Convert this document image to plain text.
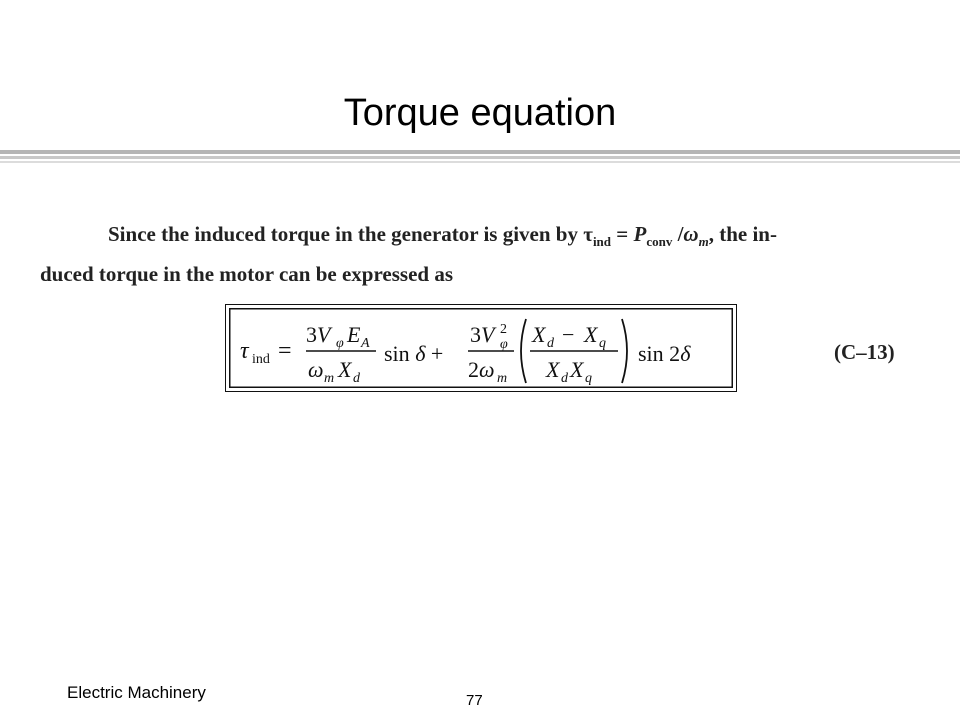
Torque equation
Since the induced torque in the generator is given by $\tau_{ind} = P_{conv}$ $/\omega_m$, the in-
duced torque in the motor can be expressed as
τ ind =
3V φ E A
ω m X d
sin δ +
3V 2
φ
2ω m
X d − X q
X d X q
sin 2δ	(C–13)
Electric Machinery	77
